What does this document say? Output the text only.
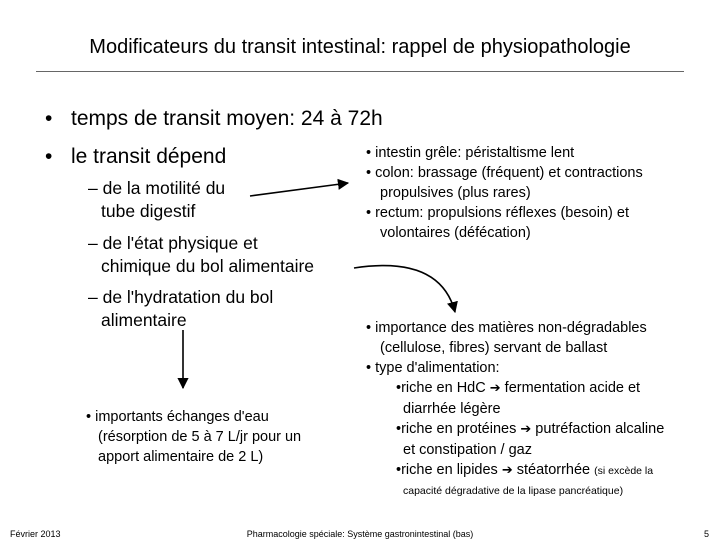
Modificateurs du transit intestinal: rappel de physiopathologie
• temps de transit moyen: 24 à 72h
• le transit dépend
– de la motilité du
tube digestif
– de l'état physique et
chimique du bol alimentaire
– de l'hydratation du bol
alimentaire
• intestin grêle: péristaltisme lent
• colon: brassage (fréquent) et contractions
propulsives (plus rares)
• rectum: propulsions réflexes (besoin) et
volontaires (défécation)
• importants échanges d'eau
(résorption de 5 à 7 L/jr pour un
apport alimentaire de 2 L)
• importance des matières non-dégradables
(cellulose, fibres) servant de ballast
• type d'alimentation:
•riche en HdC ➔ fermentation acide et
diarrhée légère
•riche en protéines ➔ putréfaction alcaline
et constipation / gaz
•riche en lipides ➔ stéatorrhée (si excède la
capacité dégradative de la lipase pancréatique)
Février 2013	Pharmacologie spéciale: Système gastronintestinal (bas)	5
